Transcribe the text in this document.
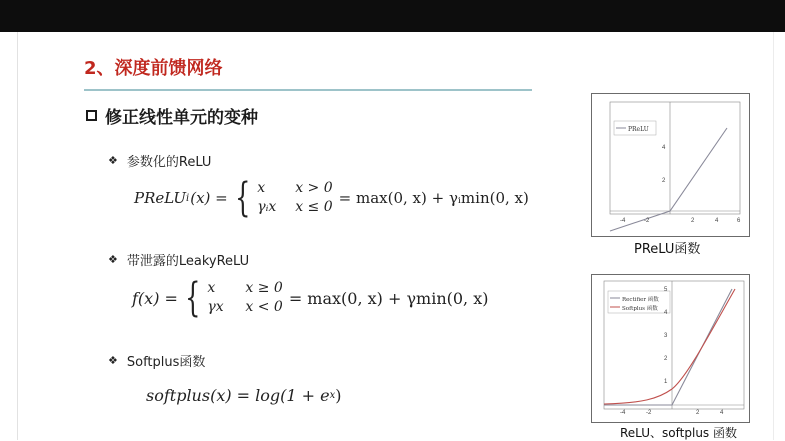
2、深度前馈网络
修正线性单元的变种
❖ 参数化的ReLU
PReLU i (x) = { x	x > 0
γᵢx	x ≤ 0 = max(0, x) + γᵢmin(0, x)
❖ 带泄露的LeakyReLU
f(x) = { x	x ≥ 0
γx	x < 0 = max(0, x) + γmin(0, x)
❖ Softplus函数
softplus(x) = log(1 + e x )
PReLU
-4	-2	2	4	6
2
4
PReLU函数
Rectifier 函数
Softplus 函数
-4	-2	2	4
1
2
3
4
5
ReLU、softplus 函数
